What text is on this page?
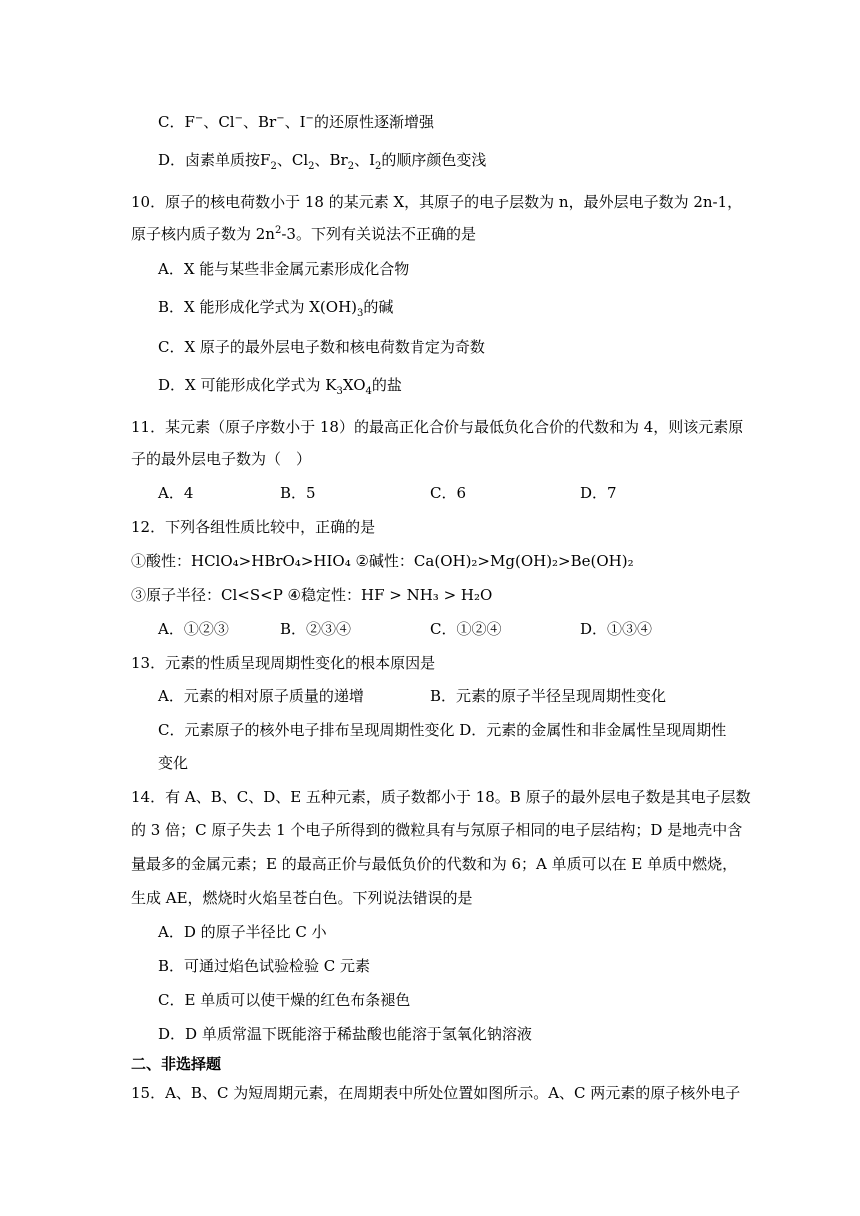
C．F−、Cl−、Br−、I−的还原性逐渐增强
D．卤素单质按$F_2$、$Cl_2$、$Br_2$、$I_2$的顺序颜色变浅
10．原子的核电荷数小于 18 的某元素 X，其原子的电子层数为 n，最外层电子数为 2n-1，
原子核内质子数为 $2n^2-3$。下列有关说法不正确的是
A．X 能与某些非金属元素形成化合物
B．X 能形成化学式为 $X(OH)_3$的碱
C．X 原子的最外层电子数和核电荷数肯定为奇数
D．X 可能形成化学式为 $K_3XO_4$的盐
11．某元素（原子序数小于 18）的最高正化合价与最低负化合价的代数和为 4，则该元素原
子的最外层电子数为（　）
A．4	B．5	C．6	D．7
12．下列各组性质比较中，正确的是
①酸性：HClO₄>HBrO₄>HIO₄ ②碱性：Ca(OH)₂>Mg(OH)₂>Be(OH)₂
③原子半径：Cl<S<P ④稳定性：HF > NH₃ > H₂O
A．①②③	B．②③④	C．①②④	D．①③④
13．元素的性质呈现周期性变化的根本原因是
A．元素的相对原子质量的递增	B．元素的原子半径呈现周期性变化
C．元素原子的核外电子排布呈现周期性变化 D．元素的金属性和非金属性呈现周期性
变化
14．有 A、B、C、D、E 五种元素，质子数都小于 18。B 原子的最外层电子数是其电子层数
的 3 倍；C 原子失去 1 个电子所得到的微粒具有与氖原子相同的电子层结构；D 是地壳中含
量最多的金属元素；E 的最高正价与最低负价的代数和为 6；A 单质可以在 E 单质中燃烧，
生成 AE，燃烧时火焰呈苍白色。下列说法错误的是
A．D 的原子半径比 C 小
B．可通过焰色试验检验 C 元素
C．E 单质可以使干燥的红色布条褪色
D．D 单质常温下既能溶于稀盐酸也能溶于氢氧化钠溶液
二、非选择题
15．A、B、C 为短周期元素，在周期表中所处位置如图所示。A、C 两元素的原子核外电子
